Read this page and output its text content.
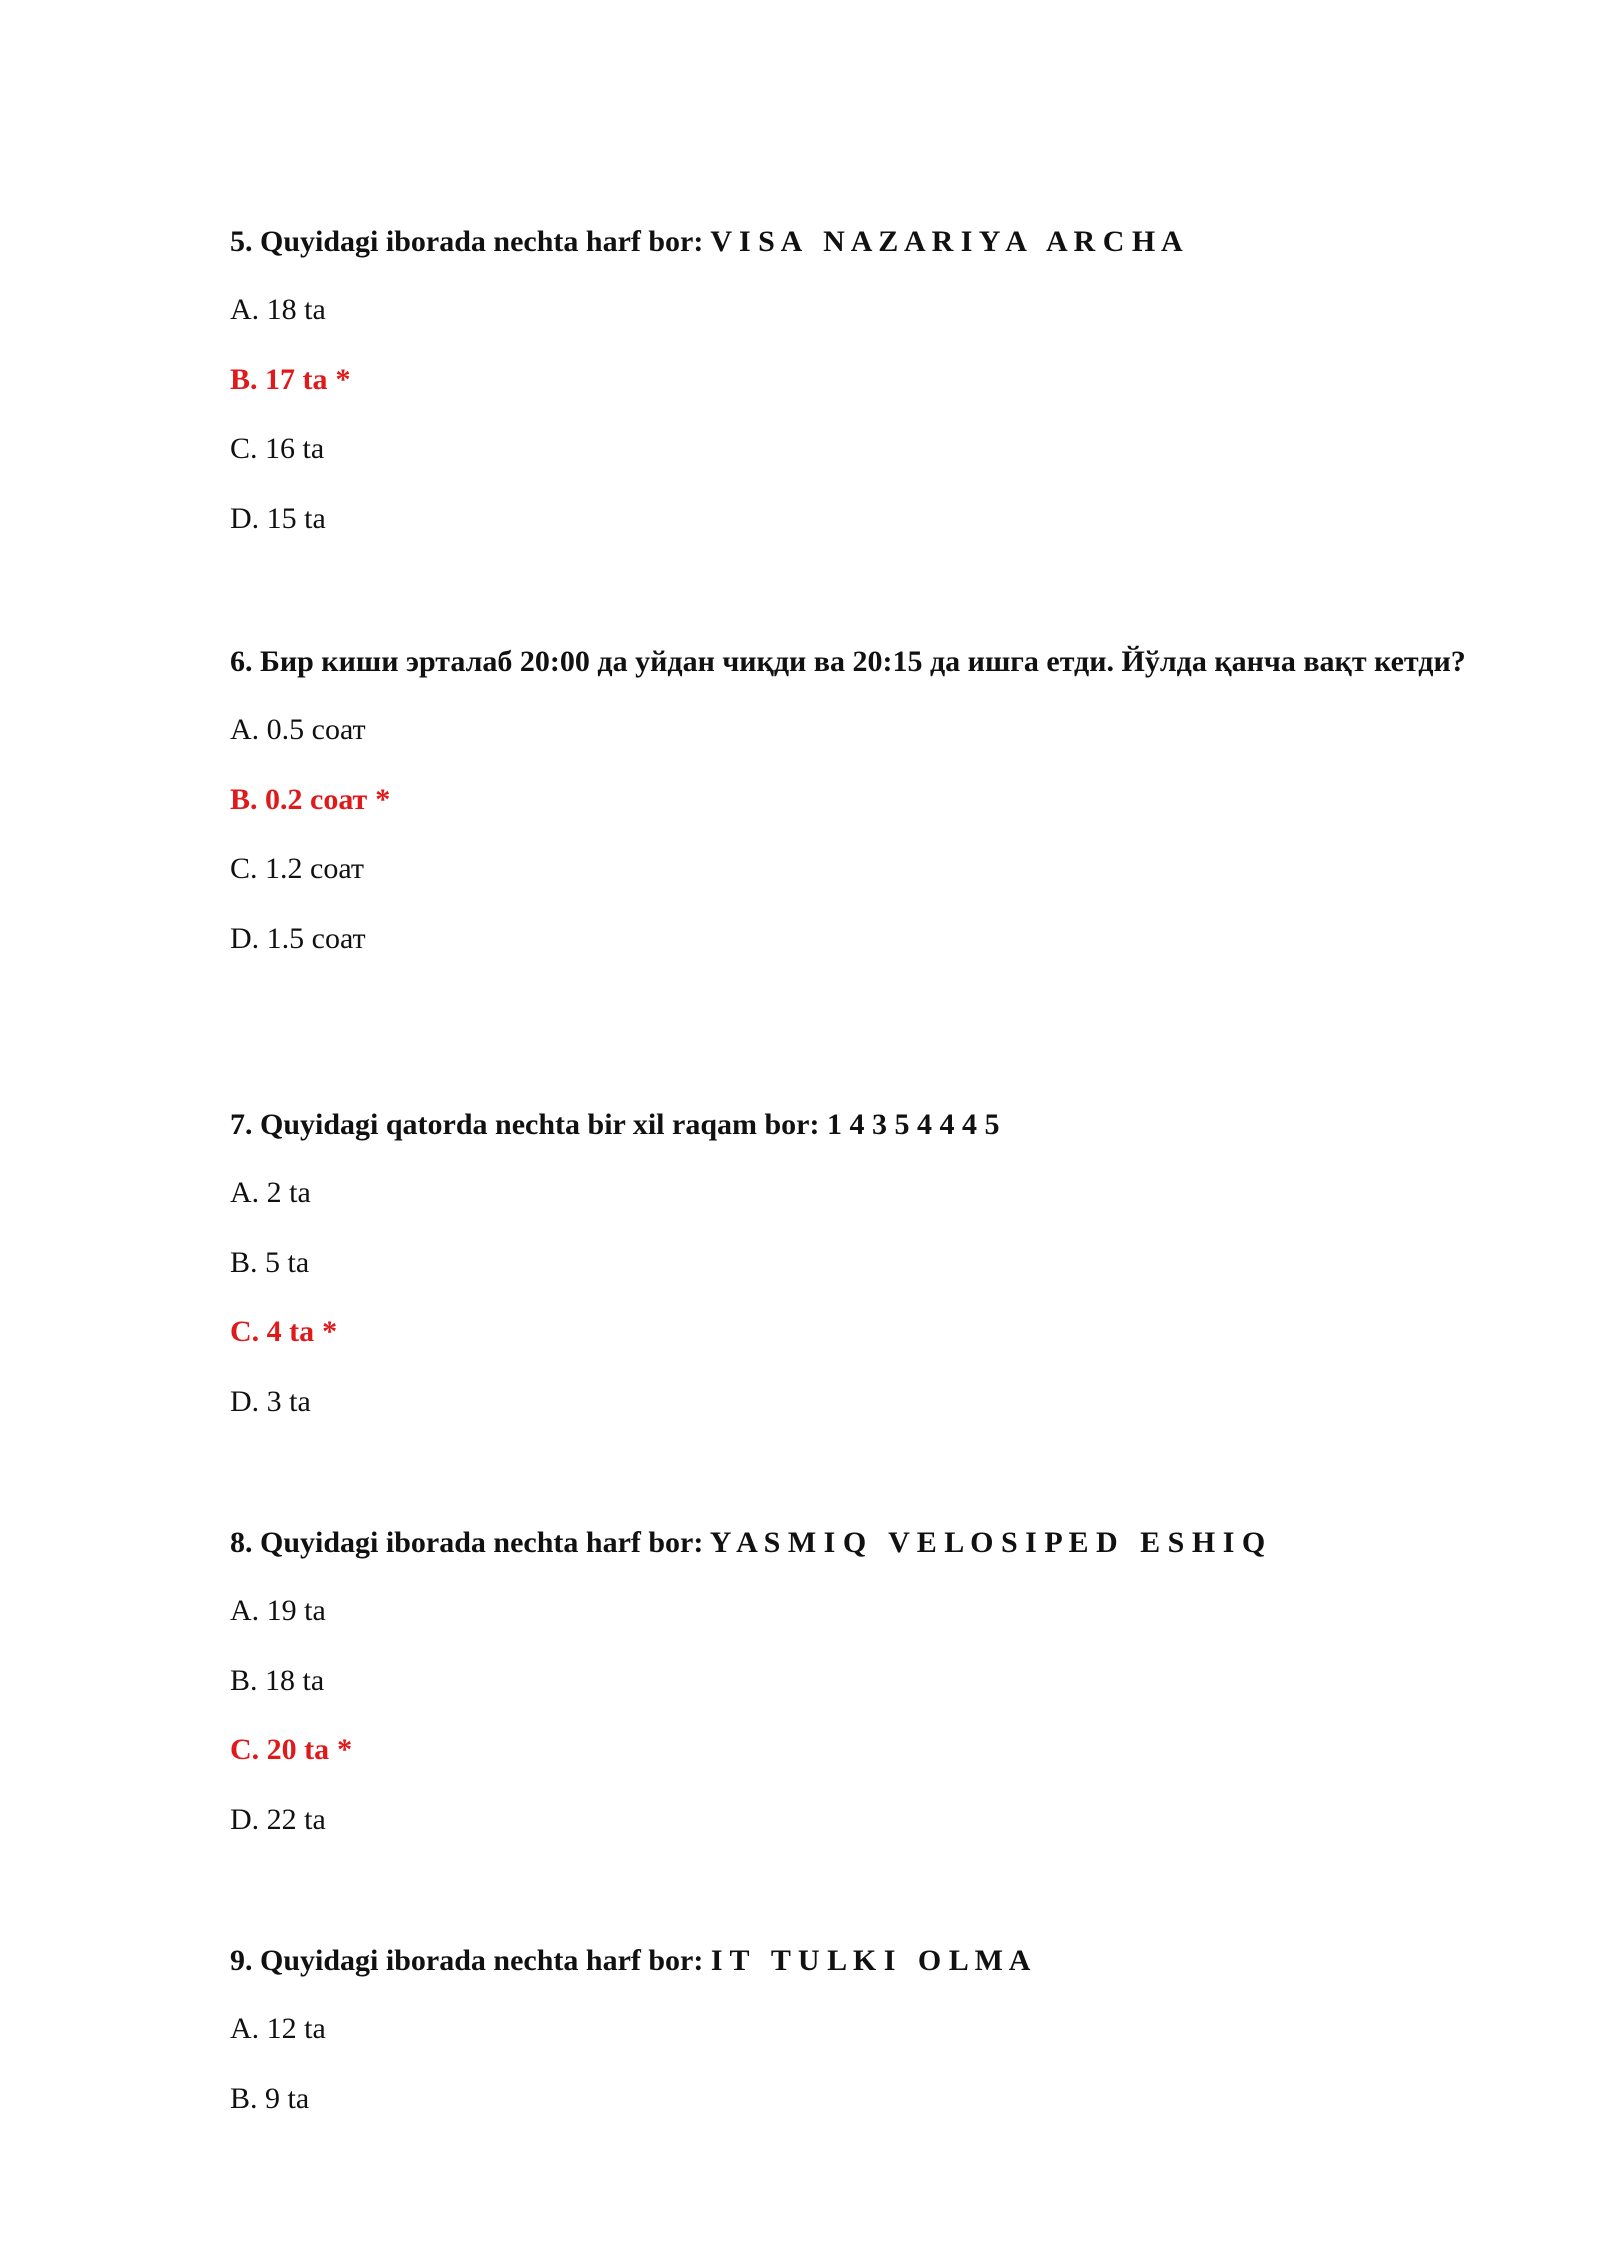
5. Quyidagi iborada nechta harf bor: V I S A   N A Z A R I Y A   A R C H A

A. 18 ta
B. 17 ta *
C. 16 ta
D. 15 ta

6. Бир киши эрталаб 20:00 да уйдан чиқди ва 20:15 да ишга етди. Йўлда қанча вақт кетди?

A. 0.5 соат
B. 0.2 соат *
C. 1.2 соат
D. 1.5 соат

7. Quyidagi qatorda nechta bir xil raqam bor: 1 4 3 5 4 4 4 5

A. 2 ta
B. 5 ta
C. 4 ta *
D. 3 ta

8. Quyidagi iborada nechta harf bor: Y A S M I Q   V E L O S I P E D   E S H I Q

A. 19 ta
B. 18 ta
C. 20 ta *
D. 22 ta

9. Quyidagi iborada nechta harf bor: I T   T U L K I   O L M A

A. 12 ta
B. 9 ta
